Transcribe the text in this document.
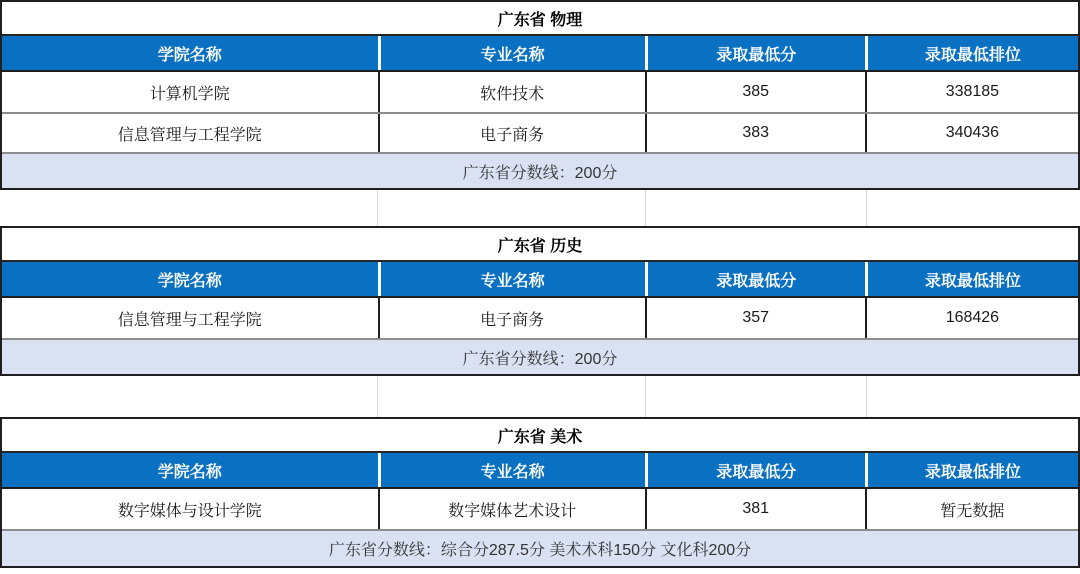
广东省 物理
学院名称	专业名称	录取最低分	录取最低排位
计算机学院	软件技术	385	338185
信息管理与工程学院	电子商务	383	340436
广东省分数线：200分
广东省 历史
学院名称	专业名称	录取最低分	录取最低排位
信息管理与工程学院	电子商务	357	168426
广东省分数线：200分
广东省 美术
学院名称	专业名称	录取最低分	录取最低排位
数字媒体与设计学院	数字媒体艺术设计	381	暂无数据
广东省分数线：综合分287.5分 美术术科150分 文化科200分
